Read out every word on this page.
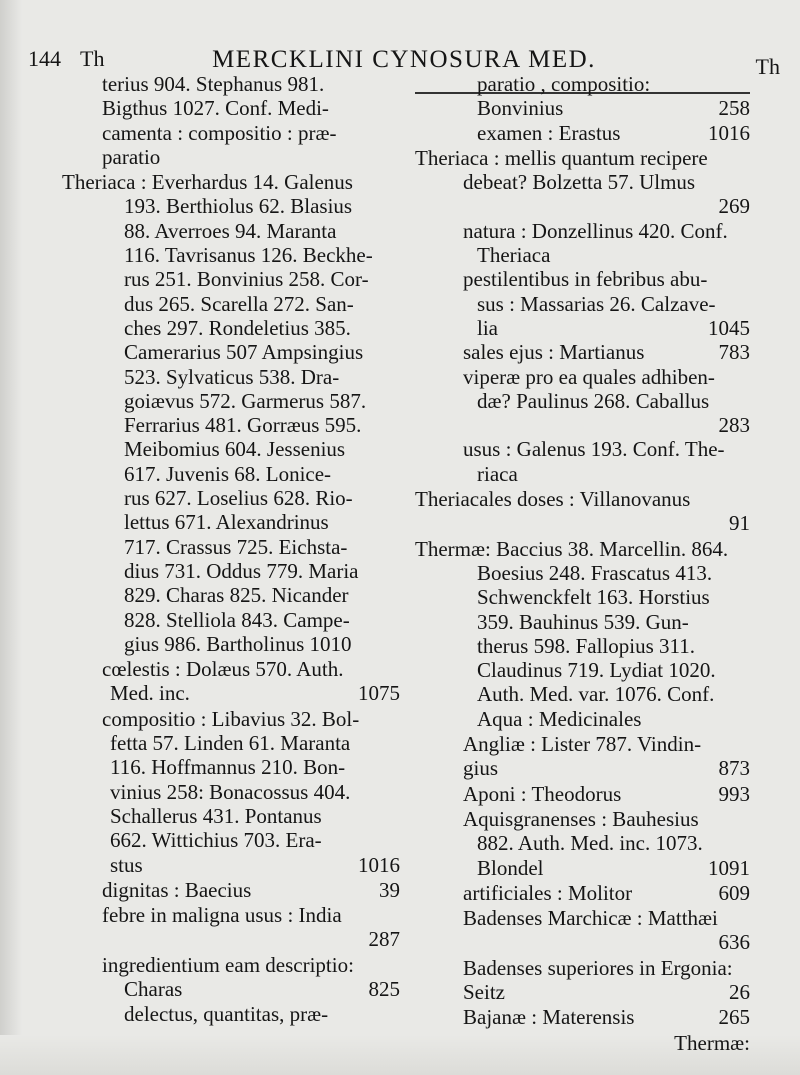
144 Th	MERCKLINI CYNOSURA MED.	Th
terius 904. Stephanus 981.
Bigthus 1027. Conf. Medi-
camenta : compositio : præ-
paratio
Theriaca : Everhardus 14. Galenus
193. Berthiolus 62. Blasius
88. Averroes 94. Maranta
116. Tavrisanus 126. Beckhe-
rus 251. Bonvinius 258. Cor-
dus 265. Scarella 272. San-
ches 297. Rondeletius 385.
Camerarius 507 Ampsingius
523. Sylvaticus 538. Dra-
goiævus 572. Garmerus 587.
Ferrarius 481. Gorræus 595.
Meibomius 604. Jessenius
617. Juvenis 68. Lonice-
rus 627. Loselius 628. Rio-
lettus 671. Alexandrinus
717. Crassus 725. Eichsta-
dius 731. Oddus 779. Maria
829. Charas 825. Nicander
828. Stelliola 843. Campe-
gius 986. Bartholinus 1010
cœlestis : Dolæus 570. Auth.
Med. inc.	1075
compositio : Libavius 32. Bol-
fetta 57. Linden 61. Maranta
116. Hoffmannus 210. Bon-
vinius 258: Bonacossus 404.
Schallerus 431. Pontanus
662. Wittichius 703. Era-
stus	1016
dignitas : Baecius	39
febre in maligna usus : India
287
ingredientium eam descriptio:
Charas	825
delectus, quantitas, præ-
paratio , compositio:
Bonvinius	258
examen : Erastus	1016
Theriaca : mellis quantum recipere
debeat? Bolzetta 57. Ulmus
269
natura : Donzellinus 420. Conf.
Theriaca
pestilentibus in febribus abu-
sus : Massarias 26. Calzave-
lia	1045
sales ejus : Martianus	783
viperæ pro ea quales adhiben-
dæ? Paulinus 268. Caballus
283
usus : Galenus 193. Conf. The-
riaca
Theriacales doses : Villanovanus
91
Thermæ: Baccius 38. Marcellin. 864.
Boesius 248. Frascatus 413.
Schwenckfelt 163. Horstius
359. Bauhinus 539. Gun-
therus 598. Fallopius 311.
Claudinus 719. Lydiat 1020.
Auth. Med. var. 1076. Conf.
Aqua : Medicinales
Angliæ : Lister 787. Vindin-
gius	873
Aponi : Theodorus	993
Aquisgranenses : Bauhesius
882. Auth. Med. inc. 1073.
Blondel	1091
artificiales : Molitor	609
Badenses Marchicæ : Matthæi
636
Badenses superiores in Ergonia:
Seitz	26
Bajanæ : Materensis	265
Thermæ:
